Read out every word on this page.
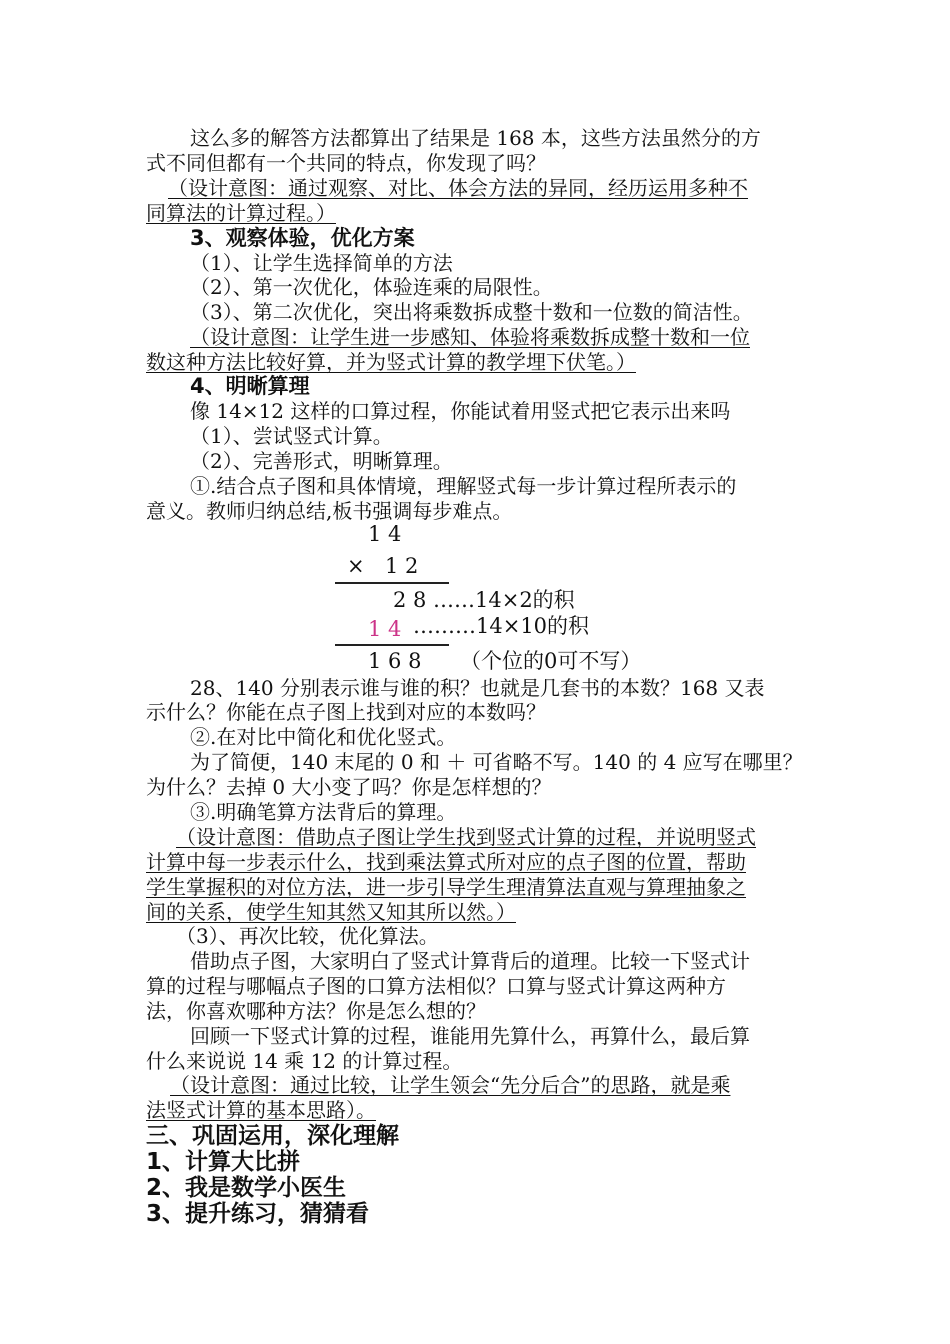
这么多的解答方法都算出了结果是 168 本，这些方法虽然分的方
式不同但都有一个共同的特点，你发现了吗？
（设计意图：通过观察、对比、体会方法的异同，经历运用多种不
同算法的计算过程。）
3、观察体验，优化方案
（1）、让学生选择简单的方法
（2）、第一次优化，体验连乘的局限性。
（3）、第二次优化，突出将乘数拆成整十数和一位数的简洁性。
（设计意图：让学生进一步感知、体验将乘数拆成整十数和一位
数这种方法比较好算，并为竖式计算的教学埋下伏笔。）
4、明晰算理
像 14×12 这样的口算过程，你能试着用竖式把它表示出来吗
（1）、尝试竖式计算。
（2）、完善形式，明晰算理。
①.结合点子图和具体情境，理解竖式每一步计算过程所表示的
意义。教师归纳总结,板书强调每步难点。
1 4
× 1 2
2 8 ……14×2的积
1 4 ………14×10的积
1 6 8 （个位的0可不写）
28、140 分别表示谁与谁的积？也就是几套书的本数？168 又表
示什么？你能在点子图上找到对应的本数吗？
②.在对比中简化和优化竖式。
为了简便，140 末尾的 0 和 ＋ 可省略不写。140 的 4 应写在哪里？
为什么？去掉 0 大小变了吗？你是怎样想的？
③.明确笔算方法背后的算理。
（设计意图：借助点子图让学生找到竖式计算的过程，并说明竖式
计算中每一步表示什么，找到乘法算式所对应的点子图的位置，帮助
学生掌握积的对位方法，进一步引导学生理清算法直观与算理抽象之
间的关系，使学生知其然又知其所以然。）
（3）、再次比较，优化算法。
借助点子图，大家明白了竖式计算背后的道理。比较一下竖式计
算的过程与哪幅点子图的口算方法相似？口算与竖式计算这两种方
法，你喜欢哪种方法？你是怎么想的？
回顾一下竖式计算的过程，谁能用先算什么，再算什么，最后算
什么来说说 14 乘 12 的计算过程。
（设计意图：通过比较，让学生领会“先分后合”的思路，就是乘
法竖式计算的基本思路）。
三、巩固运用，深化理解
1、计算大比拼
2、我是数学小医生
3、提升练习，猜猜看
